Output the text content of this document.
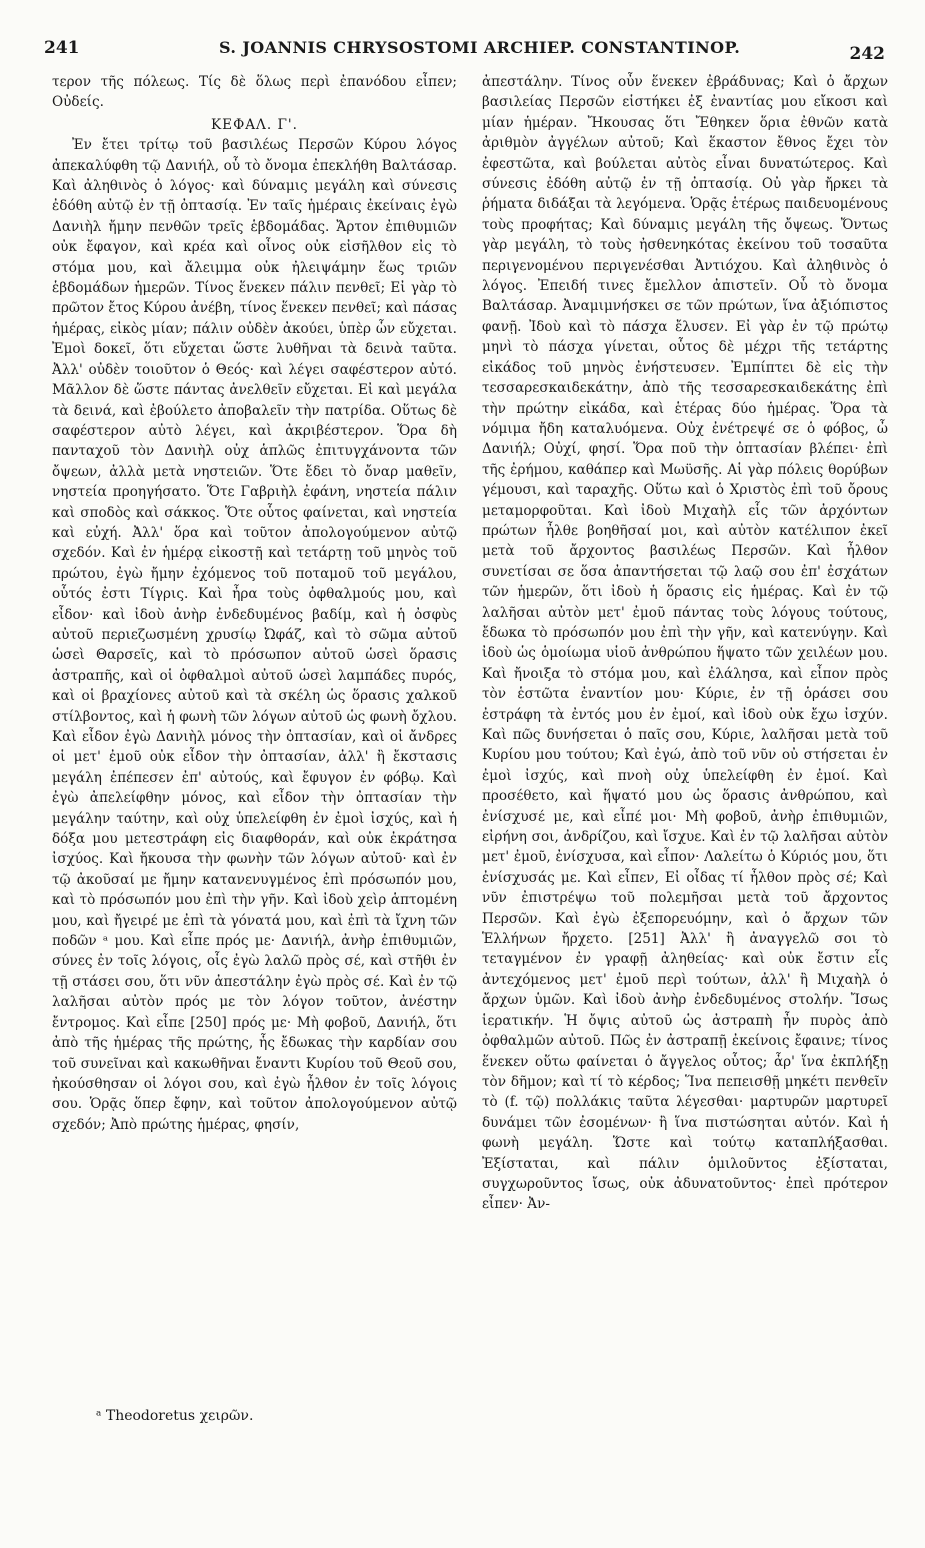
241	S. JOANNIS CHRYSOSTOMI ARCHIEP. CONSTANTINOP.	242

τερον τῆς πόλεως. Τίς δὲ ὅλως περὶ ἐπανόδου εἶπεν; Οὐδείς.

ΚΕΦΑΛ. Γ'.

Ἐν ἔτει τρίτῳ τοῦ βασιλέως Περσῶν Κύρου λόγος ἀπεκαλύφθη τῷ Δανιήλ, οὗ τὸ ὄνομα ἐπεκλήθη Βαλτάσαρ. Καὶ ἀληθινὸς ὁ λόγος· καὶ δύναμις μεγάλη καὶ σύνεσις ἐδόθη αὐτῷ ἐν τῇ ὀπτασίᾳ. Ἐν ταῖς ἡμέραις ἐκείναις ἐγὼ Δανιὴλ ἤμην πενθῶν τρεῖς ἑβδομάδας. Ἄρτον ἐπιθυμιῶν οὐκ ἔφαγον, καὶ κρέα καὶ οἶνος οὐκ εἰσῆλθον εἰς τὸ στόμα μου, καὶ ἄλειμμα οὐκ ἠλειψάμην ἕως τριῶν ἑβδομάδων ἡμερῶν. Τίνος ἕνεκεν πάλιν πενθεῖ; Εἰ γὰρ τὸ πρῶτον ἔτος Κύρου ἀνέβη, τίνος ἕνεκεν πενθεῖ; καὶ πάσας ἡμέρας, εἰκὸς μίαν; πάλιν οὐδὲν ἀκούει, ὑπὲρ ὧν εὔχεται. Ἐμοὶ δοκεῖ, ὅτι εὔχεται ὥστε λυθῆναι τὰ δεινὰ ταῦτα. Ἀλλ' οὐδὲν τοιοῦτον ὁ Θεός· καὶ λέγει σαφέστερον αὐτό. Μᾶλλον δὲ ὥστε πάντας ἀνελθεῖν εὔχεται. Εἰ καὶ μεγάλα τὰ δεινά, καὶ ἐβούλετο ἀποβαλεῖν τὴν πατρίδα. Οὕτως δὲ σαφέστερον αὐτὸ λέγει, καὶ ἀκριβέστερον. Ὅρα δὴ πανταχοῦ τὸν Δανιὴλ οὐχ ἁπλῶς ἐπιτυγχάνοντα τῶν ὄψεων, ἀλλὰ μετὰ νηστειῶν. Ὅτε ἔδει τὸ ὄναρ μαθεῖν, νηστεία προηγήσατο. Ὅτε Γαβριὴλ ἐφάνη, νηστεία πάλιν καὶ σποδὸς καὶ σάκκος. Ὅτε οὗτος φαίνεται, καὶ νηστεία καὶ εὐχή. Ἀλλ' ὅρα καὶ τοῦτον ἀπολογούμενον αὐτῷ σχεδόν. Καὶ ἐν ἡμέρᾳ εἰκοστῇ καὶ τετάρτῃ τοῦ μηνὸς τοῦ πρώτου, ἐγὼ ἤμην ἐχόμενος τοῦ ποταμοῦ τοῦ μεγάλου, οὗτός ἐστι Τίγρις. Καὶ ἦρα τοὺς ὀφθαλμούς μου, καὶ εἶδον· καὶ ἰδοὺ ἀνὴρ ἐνδεδυμένος βαδίμ, καὶ ἡ ὀσφὺς αὐτοῦ περιεζωσμένη χρυσίῳ Ὠφάζ, καὶ τὸ σῶμα αὐτοῦ ὡσεὶ Θαρσεῖς, καὶ τὸ πρόσωπον αὐτοῦ ὡσεὶ ὅρασις ἀστραπῆς, καὶ οἱ ὀφθαλμοὶ αὐτοῦ ὡσεὶ λαμπάδες πυρός, καὶ οἱ βραχίονες αὐτοῦ καὶ τὰ σκέλη ὡς ὅρασις χαλκοῦ στίλβοντος, καὶ ἡ φωνὴ τῶν λόγων αὐτοῦ ὡς φωνὴ ὄχλου. Καὶ εἶδον ἐγὼ Δανιὴλ μόνος τὴν ὀπτασίαν, καὶ οἱ ἄνδρες οἱ μετ' ἐμοῦ οὐκ εἶδον τὴν ὀπτασίαν, ἀλλ' ἢ ἔκστασις μεγάλη ἐπέπεσεν ἐπ' αὐτούς, καὶ ἔφυγον ἐν φόβῳ. Καὶ ἐγὼ ἀπελείφθην μόνος, καὶ εἶδον τὴν ὀπτασίαν τὴν μεγάλην ταύτην, καὶ οὐχ ὑπελείφθη ἐν ἐμοὶ ἰσχύς, καὶ ἡ δόξα μου μετεστράφη εἰς διαφθοράν, καὶ οὐκ ἐκράτησα ἰσχύος. Καὶ ἤκουσα τὴν φωνὴν τῶν λόγων αὐτοῦ· καὶ ἐν τῷ ἀκοῦσαί με ἤμην κατανενυγμένος ἐπὶ πρόσωπόν μου, καὶ τὸ πρόσωπόν μου ἐπὶ τὴν γῆν. Καὶ ἰδοὺ χεὶρ ἁπτομένη μου, καὶ ἤγειρέ με ἐπὶ τὰ γόνατά μου, καὶ ἐπὶ τὰ ἴχνη τῶν ποδῶν ᵃ μου. Καὶ εἶπε πρός με· Δανιήλ, ἀνὴρ ἐπιθυμιῶν, σύνες ἐν τοῖς λόγοις, οἷς ἐγὼ λαλῶ πρὸς σέ, καὶ στῆθι ἐν τῇ στάσει σου, ὅτι νῦν ἀπεστάλην ἐγὼ πρὸς σέ. Καὶ ἐν τῷ λαλῆσαι αὐτὸν πρός με τὸν λόγον τοῦτον, ἀνέστην ἔντρομος. Καὶ εἶπε [250] πρός με· Μὴ φοβοῦ, Δανιήλ, ὅτι ἀπὸ τῆς ἡμέρας τῆς πρώτης, ἧς ἔδωκας τὴν καρδίαν σου τοῦ συνεῖναι καὶ κακωθῆναι ἔναντι Κυρίου τοῦ Θεοῦ σου, ἠκούσθησαν οἱ λόγοι σου, καὶ ἐγὼ ἦλθον ἐν τοῖς λόγοις σου. Ὁρᾷς ὅπερ ἔφην, καὶ τοῦτον ἀπολογούμενον αὐτῷ σχεδόν; Ἀπὸ πρώτης ἡμέρας, φησίν,

ἀπεστάλην. Τίνος οὖν ἕνεκεν ἐβράδυνας; Καὶ ὁ ἄρχων βασιλείας Περσῶν εἱστήκει ἐξ ἐναντίας μου εἴκοσι καὶ μίαν ἡμέραν. Ἤκουσας ὅτι Ἔθηκεν ὅρια ἐθνῶν κατὰ ἀριθμὸν ἀγγέλων αὐτοῦ; Καὶ ἕκαστον ἔθνος ἔχει τὸν ἐφεστῶτα, καὶ βούλεται αὐτὸς εἶναι δυνατώτερος. Καὶ σύνεσις ἐδόθη αὐτῷ ἐν τῇ ὀπτασίᾳ. Οὐ γὰρ ἤρκει τὰ ῥήματα διδάξαι τὰ λεγόμενα. Ὁρᾷς ἑτέρως παιδευομένους τοὺς προφήτας; Καὶ δύναμις μεγάλη τῆς ὄψεως. Ὄντως γὰρ μεγάλη, τὸ τοὺς ἠσθενηκότας ἐκείνου τοῦ τοσαῦτα περιγενομένου περιγενέσθαι Ἀντιόχου. Καὶ ἀληθινὸς ὁ λόγος. Ἐπειδή τινες ἔμελλον ἀπιστεῖν. Οὗ τὸ ὄνομα Βαλτάσαρ. Ἀναμιμνήσκει σε τῶν πρώτων, ἵνα ἀξιόπιστος φανῇ. Ἰδοὺ καὶ τὸ πάσχα ἔλυσεν. Εἰ γὰρ ἐν τῷ πρώτῳ μηνὶ τὸ πάσχα γίνεται, οὗτος δὲ μέχρι τῆς τετάρτης εἰκάδος τοῦ μηνὸς ἐνήστευσεν. Ἐμπίπτει δὲ εἰς τὴν τεσσαρεσκαιδεκάτην, ἀπὸ τῆς τεσσαρεσκαιδεκάτης ἐπὶ τὴν πρώτην εἰκάδα, καὶ ἑτέρας δύο ἡμέρας. Ὅρα τὰ νόμιμα ἤδη καταλυόμενα. Οὐχ ἐνέτρεψέ σε ὁ φόβος, ὦ Δανιήλ; Οὐχί, φησί. Ὅρα ποῦ τὴν ὀπτασίαν βλέπει· ἐπὶ τῆς ἐρήμου, καθάπερ καὶ Μωϋσῆς. Αἱ γὰρ πόλεις θορύβων γέμουσι, καὶ ταραχῆς. Οὕτω καὶ ὁ Χριστὸς ἐπὶ τοῦ ὄρους μεταμορφοῦται. Καὶ ἰδοὺ Μιχαὴλ εἷς τῶν ἀρχόντων πρώτων ἦλθε βοηθῆσαί μοι, καὶ αὐτὸν κατέλιπον ἐκεῖ μετὰ τοῦ ἄρχοντος βασιλέως Περσῶν. Καὶ ἦλθον συνετίσαι σε ὅσα ἀπαντήσεται τῷ λαῷ σου ἐπ' ἐσχάτων τῶν ἡμερῶν, ὅτι ἰδοὺ ἡ ὅρασις εἰς ἡμέρας. Καὶ ἐν τῷ λαλῆσαι αὐτὸν μετ' ἐμοῦ πάντας τοὺς λόγους τούτους, ἔδωκα τὸ πρόσωπόν μου ἐπὶ τὴν γῆν, καὶ κατενύγην. Καὶ ἰδοὺ ὡς ὁμοίωμα υἱοῦ ἀνθρώπου ἥψατο τῶν χειλέων μου. Καὶ ἤνοιξα τὸ στόμα μου, καὶ ἐλάλησα, καὶ εἶπον πρὸς τὸν ἑστῶτα ἐναντίον μου· Κύριε, ἐν τῇ ὁράσει σου ἐστράφη τὰ ἐντός μου ἐν ἐμοί, καὶ ἰδοὺ οὐκ ἔχω ἰσχύν. Καὶ πῶς δυνήσεται ὁ παῖς σου, Κύριε, λαλῆσαι μετὰ τοῦ Κυρίου μου τούτου; Καὶ ἐγώ, ἀπὸ τοῦ νῦν οὐ στήσεται ἐν ἐμοὶ ἰσχύς, καὶ πνοὴ οὐχ ὑπελείφθη ἐν ἐμοί. Καὶ προσέθετο, καὶ ἥψατό μου ὡς ὅρασις ἀνθρώπου, καὶ ἐνίσχυσέ με, καὶ εἶπέ μοι· Μὴ φοβοῦ, ἀνὴρ ἐπιθυμιῶν, εἰρήνη σοι, ἀνδρίζου, καὶ ἴσχυε. Καὶ ἐν τῷ λαλῆσαι αὐτὸν μετ' ἐμοῦ, ἐνίσχυσα, καὶ εἶπον· Λαλείτω ὁ Κύριός μου, ὅτι ἐνίσχυσάς με. Καὶ εἶπεν, Εἰ οἶδας τί ἦλθον πρὸς σέ; Καὶ νῦν ἐπιστρέψω τοῦ πολεμῆσαι μετὰ τοῦ ἄρχοντος Περσῶν. Καὶ ἐγὼ ἐξεπορευόμην, καὶ ὁ ἄρχων τῶν Ἑλλήνων ἤρχετο. [251] Ἀλλ' ἢ ἀναγγελῶ σοι τὸ τεταγμένον ἐν γραφῇ ἀληθείας· καὶ οὐκ ἔστιν εἷς ἀντεχόμενος μετ' ἐμοῦ περὶ τούτων, ἀλλ' ἢ Μιχαὴλ ὁ ἄρχων ὑμῶν. Καὶ ἰδοὺ ἀνὴρ ἐνδεδυμένος στολήν. Ἴσως ἱερατικήν. Ἡ ὄψις αὐτοῦ ὡς ἀστραπὴ ἦν πυρὸς ἀπὸ ὀφθαλμῶν αὐτοῦ. Πῶς ἐν ἀστραπῇ ἐκείνοις ἔφαινε; τίνος ἕνεκεν οὕτω φαίνεται ὁ ἄγγελος οὗτος; ἆρ' ἵνα ἐκπλήξῃ τὸν δῆμον; καὶ τί τὸ κέρδος; Ἵνα πεπεισθῇ μηκέτι πενθεῖν τὸ (f. τῷ) πολλάκις ταῦτα λέγεσθαι· μαρτυρῶν μαρτυρεῖ δυνάμει τῶν ἐσομένων· ἢ ἵνα πιστώσηται αὐτόν. Καὶ ἡ φωνὴ μεγάλη. Ὥστε καὶ τούτῳ καταπλήξασθαι. Ἐξίσταται, καὶ πάλιν ὁμιλοῦντος ἐξίσταται, συγχωροῦντος ἴσως, οὐκ ἀδυνατοῦντος· ἐπεὶ πρότερον εἶπεν· Ἀν-

ᵃ Theodoretus χειρῶν.
